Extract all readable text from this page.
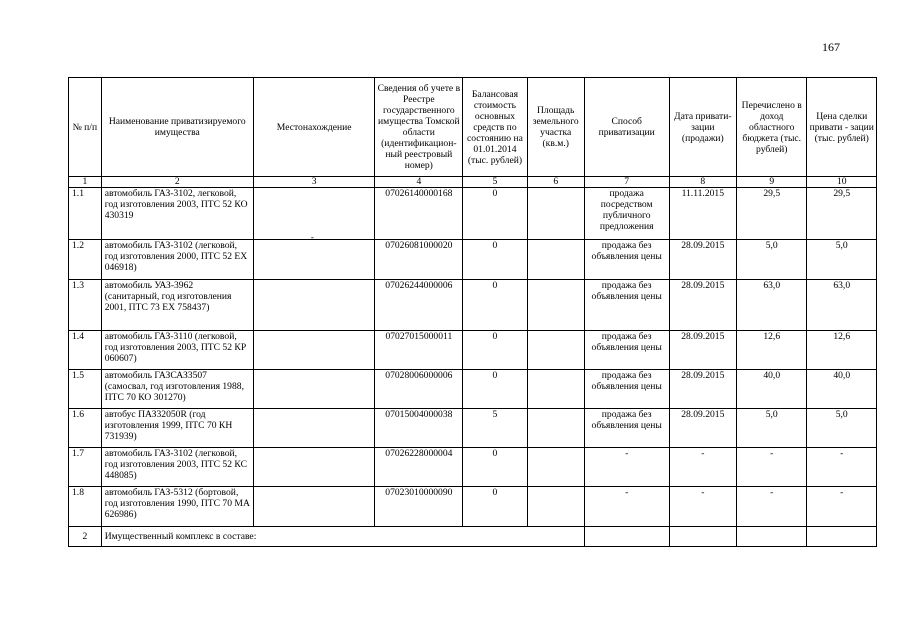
167
№ п/п	Наименование приватизируемого имущества	Местонахождение	Сведения об учете в Реестре государственного имущества Томской области (идентификацион-ный реестровый номер)	Балансовая стоимость основных средств по состоянию на 01.01.2014 (тыс. рублей)	Площадь земельного участка (кв.м.)	Способ приватизации	Дата привати-зации (продажи)	Перечислено в доход областного бюджета (тыс. рублей)	Цена сделки привати - зации (тыс. рублей)
1	2	3	4	5	6	7	8	9	10
1.1	автомобиль ГАЗ-3102, легковой, год изготовления 2003, ПТС 52 КО 430319	-	07026140000168	0		продажа посредством публичного предложения	11.11.2015	29,5	29,5
1.2	автомобиль ГАЗ-3102 (легковой, год изготовления 2000, ПТС 52 ЕХ 046918)		07026081000020	0		продажа без объявления цены	28.09.2015	5,0	5,0
1.3	автомобиль УАЗ-3962 (санитарный, год изготовления 2001, ПТС 73 ЕХ 758437)		07026244000006	0		продажа без объявления цены	28.09.2015	63,0	63,0
1.4	автомобиль ГАЗ-3110 (легковой, год изготовления 2003, ПТС 52 КР 060607)		07027015000011	0		продажа без объявления цены	28.09.2015	12,6	12,6
1.5	автомобиль ГАЗСАЗ3507 (самосвал, год изготовления 1988, ПТС 70 КО 301270)		07028006000006	0		продажа без объявления цены	28.09.2015	40,0	40,0
1.6	автобус ПАЗ32050R (год изготовления 1999, ПТС 70 КН 731939)		07015004000038	5		продажа без объявления цены	28.09.2015	5,0	5,0
1.7	автомобиль ГАЗ-3102 (легковой, год изготовления 2003, ПТС 52 КС 448085)		07026228000004	0		-	-	-	-
1.8	автомобиль ГАЗ-5312 (бортовой, год изготовления 1990, ПТС 70 МА 626986)		07023010000090	0		-	-	-	-
2	Имущественный комплекс в составе:								
